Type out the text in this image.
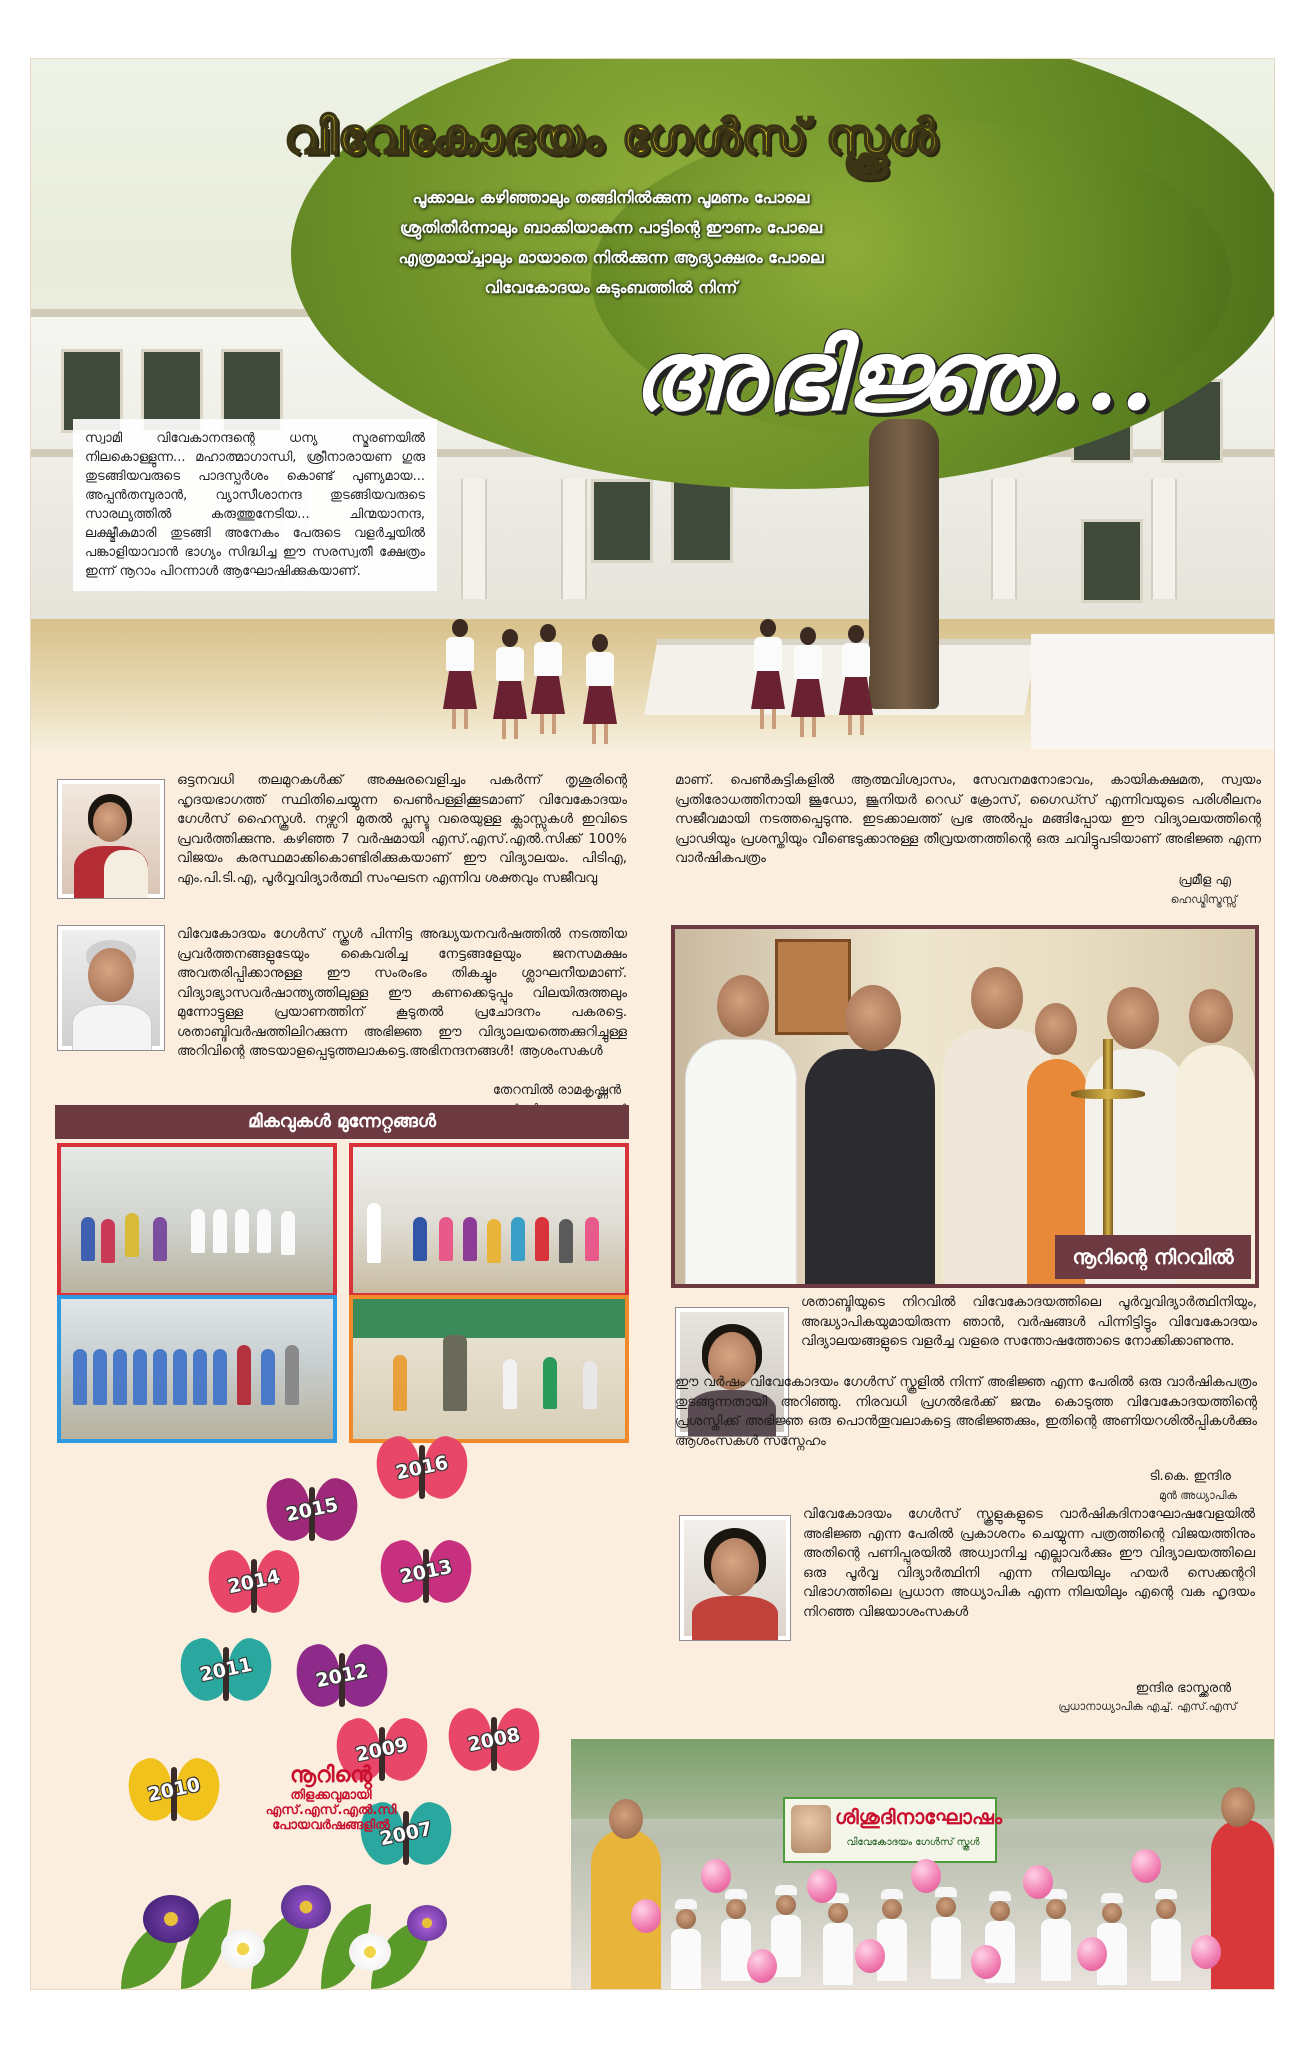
വിവേകോദയം ഗേൾസ് സ്ക്കൂൾ
പൂക്കാലം കഴിഞ്ഞാലും തങ്ങിനിൽക്കുന്ന പൂമണം പോലെ
ശ്രുതിതീർന്നാലും ബാക്കിയാകുന്ന പാട്ടിന്റെ ഈണം പോലെ
എത്രമായ്ച്ചാലും മായാതെ നിൽക്കുന്ന ആദ്യാക്ഷരം പോലെ
വിവേകോദയം കുടുംബത്തിൽ നിന്ന്
അഭിജ്ഞ...
സ്വാമി വിവേകാനന്ദന്റെ ധന്യ സ്മരണയിൽ നിലകൊള്ളുന്ന... മഹാത്മാഗാന്ധി, ശ്രീനാരായണ ഗുരു തുടങ്ങിയവരുടെ പാദസ്പർശം കൊണ്ട് പുണ്യമായ... അപ്പൻതമ്പുരാൻ, വ്യാസീശാനന്ദ തുടങ്ങിയവരുടെ സാരഥ്യത്തിൽ കരുത്തുനേടിയ... ചിന്മയാനന്ദ, ലക്ഷ്മീകുമാരി തുടങ്ങി അനേകം പേരുടെ വളർച്ചയിൽ പങ്കാളിയാവാൻ ഭാഗ്യം സിദ്ധിച്ച ഈ സരസ്വതീ ക്ഷേത്രം ഇന്ന് നൂറാം പിറന്നാൾ ആഘോഷിക്കുകയാണ്.
ഒട്ടനവധി തലമുറകൾക്ക് അക്ഷരവെളിച്ചം പകർന്ന് തൃശൂരിന്റെ ഹൃദയഭാഗത്ത് സ്ഥിതിചെയ്യുന്ന പെൺപള്ളിക്കൂടമാണ് വിവേകോദയം ഗേൾസ് ഹൈസ്കൂൾ. നഴ്സറി മുതൽ പ്ലസ്ടു വരെയുള്ള ക്ലാസ്സുകൾ ഇവിടെ പ്രവർത്തിക്കുന്നു. കഴിഞ്ഞ 7 വർഷമായി എസ്.എസ്.എൽ.സിക്ക് 100% വിജയം കരസ്ഥമാക്കികൊണ്ടിരിക്കുകയാണ് ഈ വിദ്യാലയം. പിടിഎ, എം.പി.ടി.എ, പൂർവ്വവിദ്യാർത്ഥി സംഘടന എന്നിവ ശക്തവും സജീവവു
മാണ്. പെൺകുട്ടികളിൽ ആത്മവിശ്വാസം, സേവനമനോഭാവം, കായികക്ഷമത, സ്വയം പ്രതിരോധത്തിനായി ജൂഡോ, ജൂനിയർ റെഡ് ക്രോസ്, ഗൈഡ്സ് എന്നിവയുടെ പരിശീലനം സജീവമായി നടത്തപ്പെടുന്നു. ഇടക്കാലത്ത് പ്രഭ അൽപ്പം മങ്ങിപ്പോയ ഈ വിദ്യാലയത്തിന്റെ പ്രാഢിയും പ്രശസ്തിയും വീണ്ടെടുക്കാനുള്ള തീവ്രയത്നത്തിന്റെ ഒരു ചവിട്ടുപടിയാണ് അഭിജ്ഞ എന്ന വാർഷികപത്രം
പ്രമീള എ
ഹെഡ്മിസ്ട്രസ്സ്
വിവേകോദയം ഗേൾസ് സ്കൂൾ പിന്നിട്ട അദ്ധ്യയനവർഷത്തിൽ നടത്തിയ പ്രവർത്തനങ്ങളുടേയും കൈവരിച്ച നേട്ടങ്ങളേയും ജനസമക്ഷം അവതരിപ്പിക്കാനുള്ള ഈ സംരംഭം തികച്ചും ശ്ലാഘനീയമാണ്. വിദ്യാഭ്യാസവർഷാന്ത്യത്തിലുള്ള ഈ കണക്കെടുപ്പും വിലയിരുത്തലും മുന്നോട്ടുള്ള പ്രയാണത്തിന് കൂടുതൽ പ്രചോദനം പകരട്ടെ. ശതാബ്ദിവർഷത്തിലിറക്കുന്ന അഭിജ്ഞ ഈ വിദ്യാലയത്തെക്കുറിച്ചുള്ള അറിവിന്റെ അടയാളപ്പെടുത്തലാകട്ടെ.അഭിനന്ദനങ്ങൾ! ആശംസകൾ
തേറമ്പിൽ രാമകൃഷ്ണൻ
മികവുകൾ മുന്നേറ്റങ്ങൾ
നൂറിന്റെ നിറവിൽ
ശതാബ്ദിയുടെ നിറവിൽ വിവേകോദയത്തിലെ പൂർവ്വവിദ്യാർത്ഥിനിയും, അദ്ധ്യാപികയുമായിരുന്ന ഞാൻ, വർഷങ്ങൾ പിന്നിട്ടിട്ടും വിവേകോദയം വിദ്യാലയങ്ങളുടെ വളർച്ച വളരെ സന്തോഷത്തോടെ നോക്കിക്കാണുന്നു.
ഈ വർഷം വിവേകോദയം ഗേൾസ് സ്കൂളിൽ നിന്ന് അഭിജ്ഞ എന്ന പേരിൽ ഒരു വാർഷികപത്രം തുടങ്ങുന്നതായി അറിഞ്ഞു. നിരവധി പ്രഗൽഭർക്ക് ജന്മം കൊടുത്ത വിവേകോദയത്തിന്റെ പ്രശസ്തിക്ക് അഭിജ്ഞ ഒരു പൊൻതൂവലാകട്ടെ അഭിജ്ഞക്കും, ഇതിന്റെ അണിയറശിൽപ്പികൾക്കും ആശംസകൾ സസ്നേഹം
ടി.കെ. ഇന്ദിര
മുൻ അധ്യാപിക
വിവേകോദയം ഗേൾസ് സ്കൂളുകളുടെ വാർഷികദിനാഘോഷവേളയിൽ അഭിജ്ഞ എന്ന പേരിൽ പ്രകാശനം ചെയ്യുന്ന പത്രത്തിന്റെ വിജയത്തിനും അതിന്റെ പണിപ്പുരയിൽ അധ്വാനിച്ച എല്ലാവർക്കും ഈ വിദ്യാലയത്തിലെ ഒരു പൂർവ്വ വിദ്യാർത്ഥിനി എന്ന നിലയിലും ഹയർ സെക്കന്ററി വിഭാഗത്തിലെ പ്രധാന അധ്യാപിക എന്ന നിലയിലും എന്റെ വക ഹൃദയം നിറഞ്ഞ വിജയാശംസകൾ
ഇന്ദിര ഭാസ്ക്കരൻ
പ്രധാനാധ്യാപിക എച്ച്. എസ്.എസ്
2016
2015
2013
2014
2011	2012
2009	2008
2010
2007
നൂറിന്റെ
തിളക്കവുമായി
എസ്.എസ്.എൽ.സി
പോയവർഷങ്ങളിൽ	ശിശുദിനാഘോഷം
വിവേകോദയം ഗേൾസ് സ്കൂൾ
